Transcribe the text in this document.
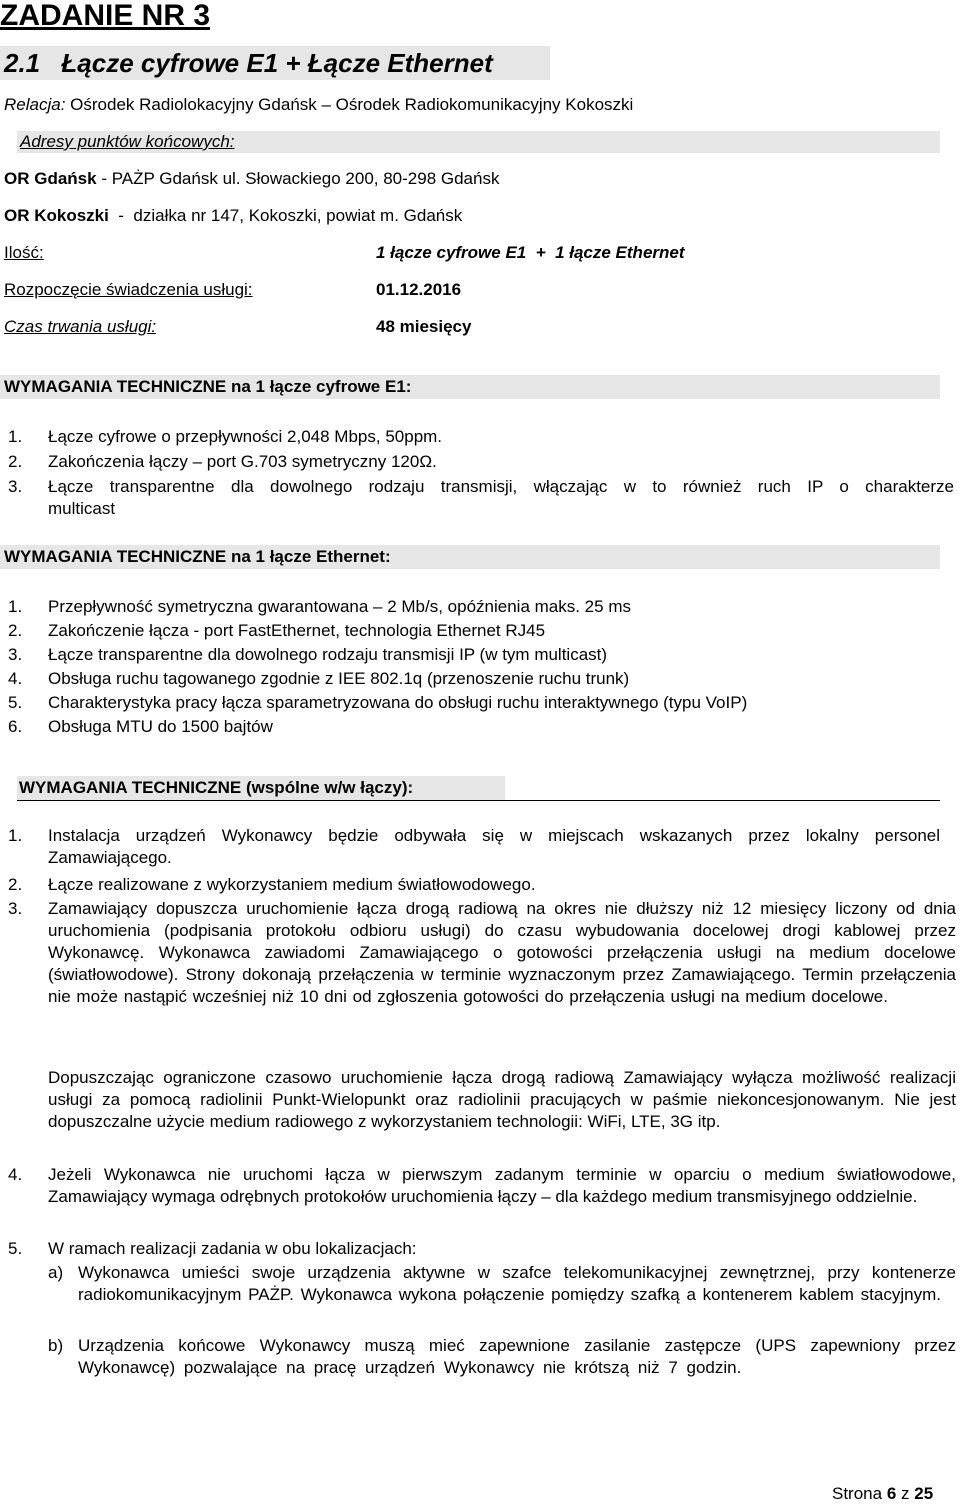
ZADANIE NR 3
2.1 Łącze cyfrowe E1 + Łącze Ethernet
Relacja: Ośrodek Radiolokacyjny Gdańsk – Ośrodek Radiokomunikacyjny Kokoszki
Adresy punktów końcowych:
OR Gdańsk - PAŻP Gdańsk ul. Słowackiego 200, 80-298 Gdańsk
OR Kokoszki  -  działka nr 147, Kokoszki, powiat m. Gdańsk
Ilość:	1 łącze cyfrowe E1  +  1 łącze Ethernet
Rozpoczęcie świadczenia usługi:	01.12.2016
Czas trwania usługi:	48 miesięcy
WYMAGANIA TECHNICZNE na 1 łącze cyfrowe E1:
1. Łącze cyfrowe o przepływności 2,048 Mbps, 50ppm.
2. Zakończenia łączy – port G.703 symetryczny 120Ω.
3. Łącze transparentne dla dowolnego rodzaju transmisji, włączając w to również ruch IP o charakterze multicast
WYMAGANIA TECHNICZNE na 1 łącze Ethernet:
1. Przepływność symetryczna gwarantowana – 2 Mb/s, opóźnienia maks. 25 ms
2. Zakończenie łącza - port FastEthernet, technologia Ethernet RJ45
3. Łącze transparentne dla dowolnego rodzaju transmisji IP (w tym multicast)
4. Obsługa ruchu tagowanego zgodnie z IEE 802.1q (przenoszenie ruchu trunk)
5. Charakterystyka pracy łącza sparametryzowana do obsługi ruchu interaktywnego (typu VoIP)
6. Obsługa MTU do 1500 bajtów
WYMAGANIA TECHNICZNE (wspólne w/w łączy):
1. Instalacja urządzeń Wykonawcy będzie odbywała się w miejscach wskazanych przez lokalny personel Zamawiającego.
2. Łącze realizowane z wykorzystaniem medium światłowodowego.
3. Zamawiający dopuszcza uruchomienie łącza drogą radiową na okres nie dłuższy niż 12 miesięcy liczony od dnia uruchomienia (podpisania protokołu odbioru usługi) do czasu wybudowania docelowej drogi kablowej przez Wykonawcę. Wykonawca zawiadomi Zamawiającego o gotowości przełączenia usługi na medium docelowe (światłowodowe). Strony dokonają przełączenia w terminie wyznaczonym przez Zamawiającego. Termin przełączenia nie może nastąpić wcześniej niż 10 dni od zgłoszenia gotowości do przełączenia usługi na medium docelowe.
Dopuszczając ograniczone czasowo uruchomienie łącza drogą radiową Zamawiający wyłącza możliwość realizacji usługi za pomocą radiolinii Punkt-Wielopunkt oraz radiolinii pracujących w paśmie niekoncesjonowanym. Nie jest dopuszczalne użycie medium radiowego z wykorzystaniem technologii: WiFi, LTE, 3G itp.
4. Jeżeli Wykonawca nie uruchomi łącza w pierwszym zadanym terminie w oparciu o medium światłowodowe, Zamawiający wymaga odrębnych protokołów uruchomienia łączy – dla każdego medium transmisyjnego oddzielnie.
5. W ramach realizacji zadania w obu lokalizacjach:
a) Wykonawca umieści swoje urządzenia aktywne w szafce telekomunikacyjnej zewnętrznej, przy kontenerze radiokomunikacyjnym PAŻP. Wykonawca wykona połączenie pomiędzy szafką a kontenerem kablem stacyjnym.
b) Urządzenia końcowe Wykonawcy muszą mieć zapewnione zasilanie zastępcze (UPS zapewniony przez Wykonawcę) pozwalające na pracę urządzeń Wykonawcy nie krótszą niż 7 godzin.
Strona 6 z 25
